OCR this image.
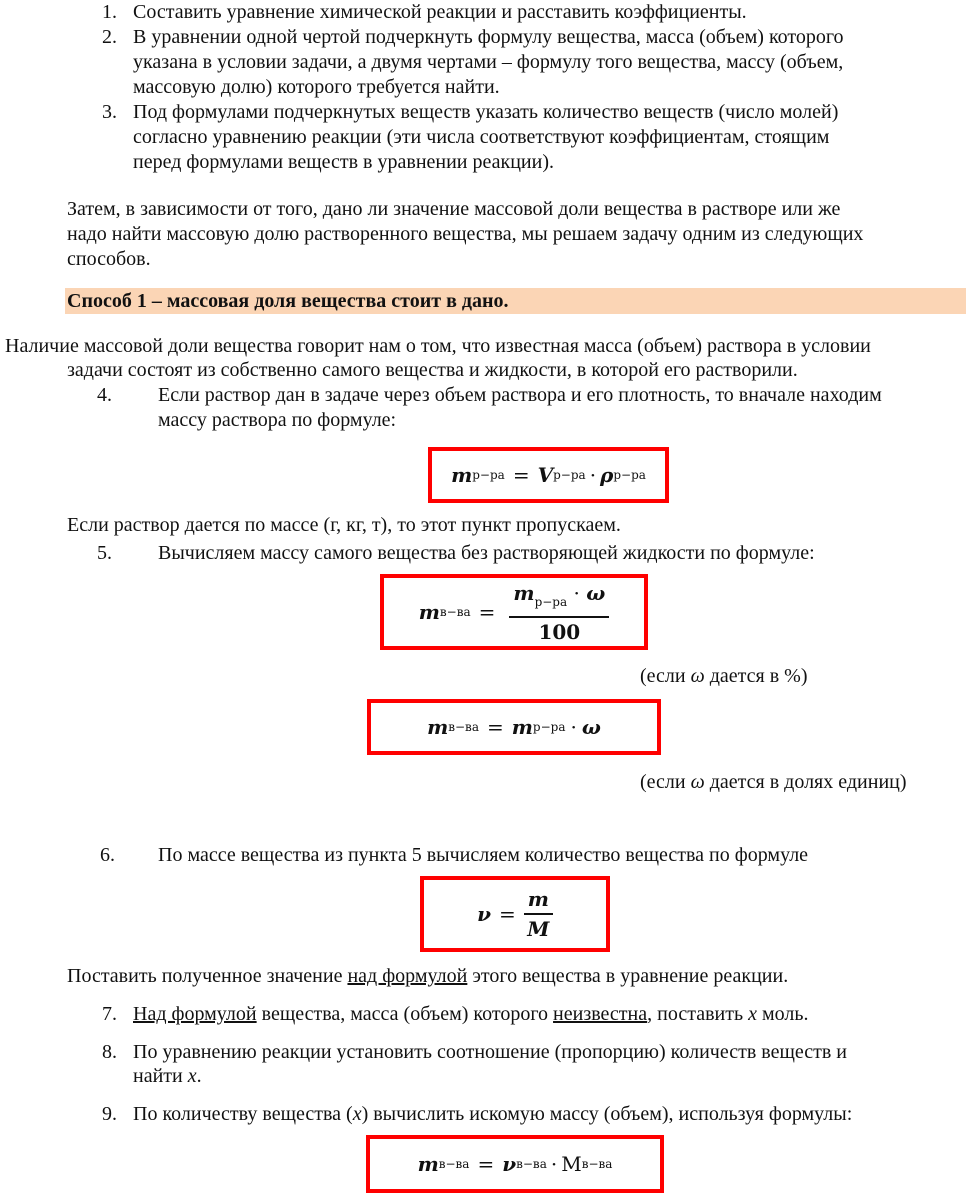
1. Составить уравнение химической реакции и расставить коэффициенты.
2. В уравнении одной чертой подчеркнуть формулу вещества, масса (объем) которого
указана в условии задачи, а двумя чертами – формулу того вещества, массу (объем,
массовую долю) которого требуется найти.
3. Под формулами подчеркнутых веществ указать количество веществ (число молей)
согласно уравнению реакции (эти числа соответствуют коэффициентам, стоящим
перед формулами веществ в уравнении реакции).
Затем, в зависимости от того, дано ли значение массовой доли вещества в растворе или же
надо найти массовую долю растворенного вещества, мы решаем задачу одним из следующих
способов.
Способ 1 – массовая доля вещества стоит в дано.
Наличие массовой доли вещества говорит нам о том, что известная масса (объем) раствора в условии
задачи состоят из собственно самого вещества и жидкости, в которой его растворили.
4. Если раствор дан в задаче через объем раствора и его плотность, то вначале находим
массу раствора по формуле:
m р−ра = V р−ра · ρ р−ра
Если раствор дается по массе (г, кг, т), то этот пункт пропускаем.
5. Вычисляем массу самого вещества без растворяющей жидкости по формуле:
m $в-ва = \frac{m_{р-ра} \cdot \omega}{100}$
(если ω дается в %)
m в−ва = m р−ра · ω
(если ω дается в долях единиц)
6. По массе вещества из пункта 5 вычисляем количество вещества по формуле
$\nu = \frac{m}{M}$
Поставить полученное значение над формулой этого вещества в уравнение реакции.
7. Над формулой вещества, масса (объем) которого неизвестна, поставить x моль.
8. По уравнению реакции установить соотношение (пропорцию) количеств веществ и
найти x.
9. По количеству вещества (x) вычислить искомую массу (объем), используя формулы:
m в−ва = ν в−ва · M в−ва
